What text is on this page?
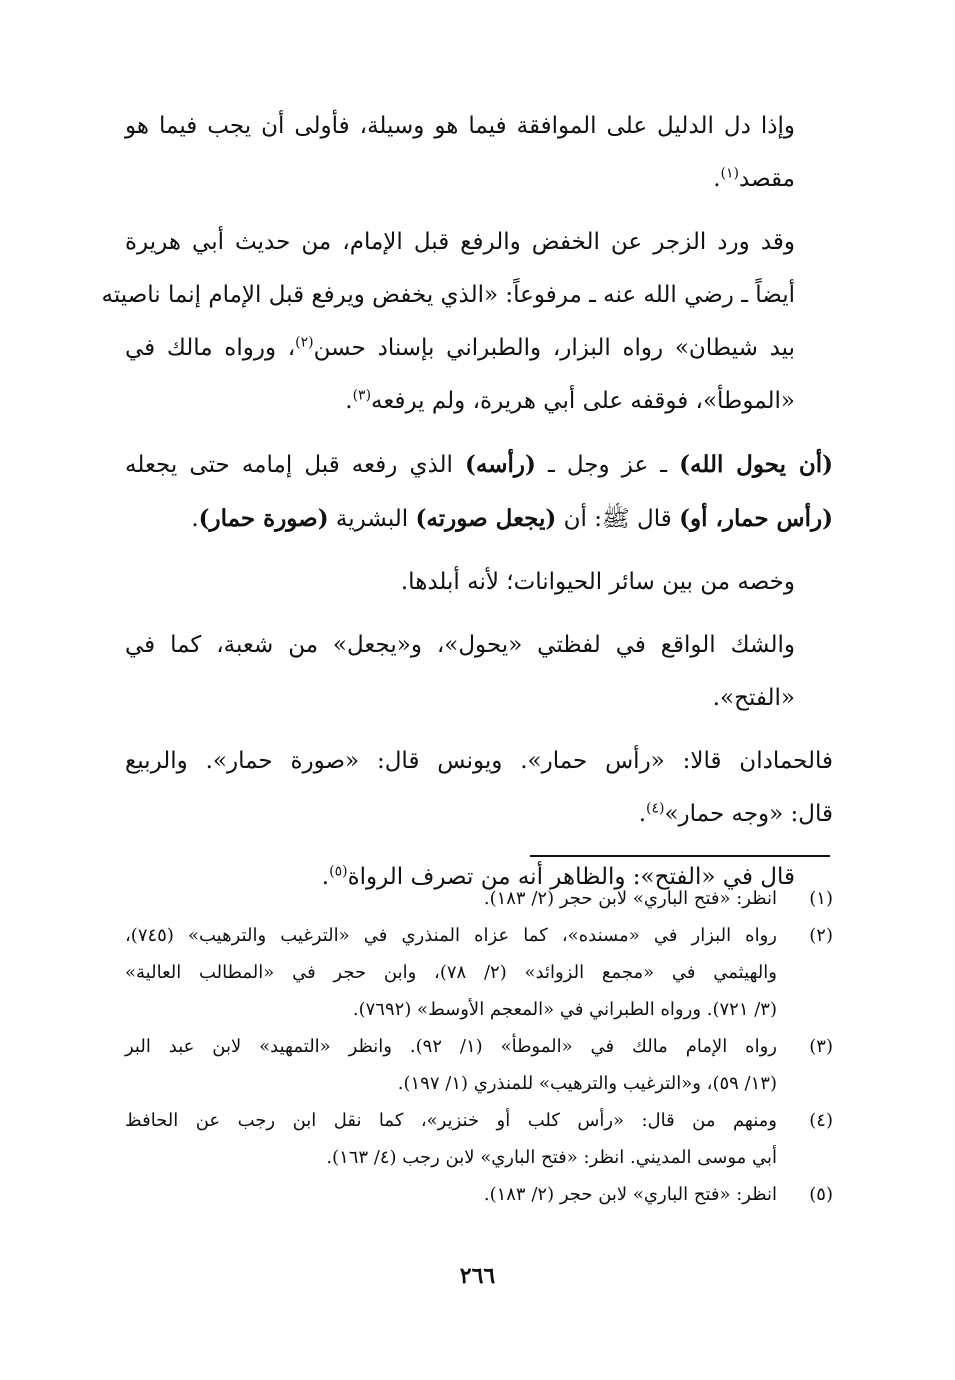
وإذا دل الدليل على الموافقة فيما هو وسيلة، فأولى أن يجب فيما هو
مقصد$^{(١)}$.

وقد ورد الزجر عن الخفض والرفع قبل الإمام، من حديث أبي هريرة
أيضاً ـ رضي الله عنه ـ مرفوعاً: «الذي يخفض ويرفع قبل الإمام إنما ناصيته
بيد شيطان» رواه البزار، والطبراني بإسناد حسن$^{(٢)}$، ورواه مالك في
«الموطأ»، فوقفه على أبي هريرة، ولم يرفعه$^{(٣)}$.

(أن يحول الله) ـ عز وجل ـ (رأسه) الذي رفعه قبل إمامه حتى يجعله
(رأس حمار، أو) قال ﷺ: أن (يجعل صورته) البشرية (صورة حمار).

وخصه من بين سائر الحيوانات؛ لأنه أبلدها.

والشك الواقع في لفظتي «يحول»، و«يجعل» من شعبة، كما في
«الفتح».

فالحمادان قالا: «رأس حمار». ويونس قال: «صورة حمار». والربيع
قال: «وجه حمار»$^{(٤)}$.

قال في «الفتح»: والظاهر أنه من تصرف الرواة$^{(٥)}$.

(١)
انظر: «فتح الباري» لابن حجر (٢/ ١٨٣).
(٢)
رواه البزار في «مسنده»، كما عزاه المنذري في «الترغيب والترهيب» (٧٤٥)،
والهيثمي في «مجمع الزوائد» (٢/ ٧٨)، وابن حجر في «المطالب العالية»
(٣/ ٧٢١). ورواه الطبراني في «المعجم الأوسط» (٧٦٩٢).
(٣)
رواه الإمام مالك في «الموطأ» (١/ ٩٢). وانظر «التمهيد» لابن عبد البر
(١٣/ ٥٩)، و«الترغيب والترهيب» للمنذري (١/ ١٩٧).
(٤)
ومنهم من قال: «رأس كلب أو خنزير»، كما نقل ابن رجب عن الحافظ
أبي موسى المديني. انظر: «فتح الباري» لابن رجب (٤/ ١٦٣).
(٥)
انظر: «فتح الباري» لابن حجر (٢/ ١٨٣).
٢٦٦
